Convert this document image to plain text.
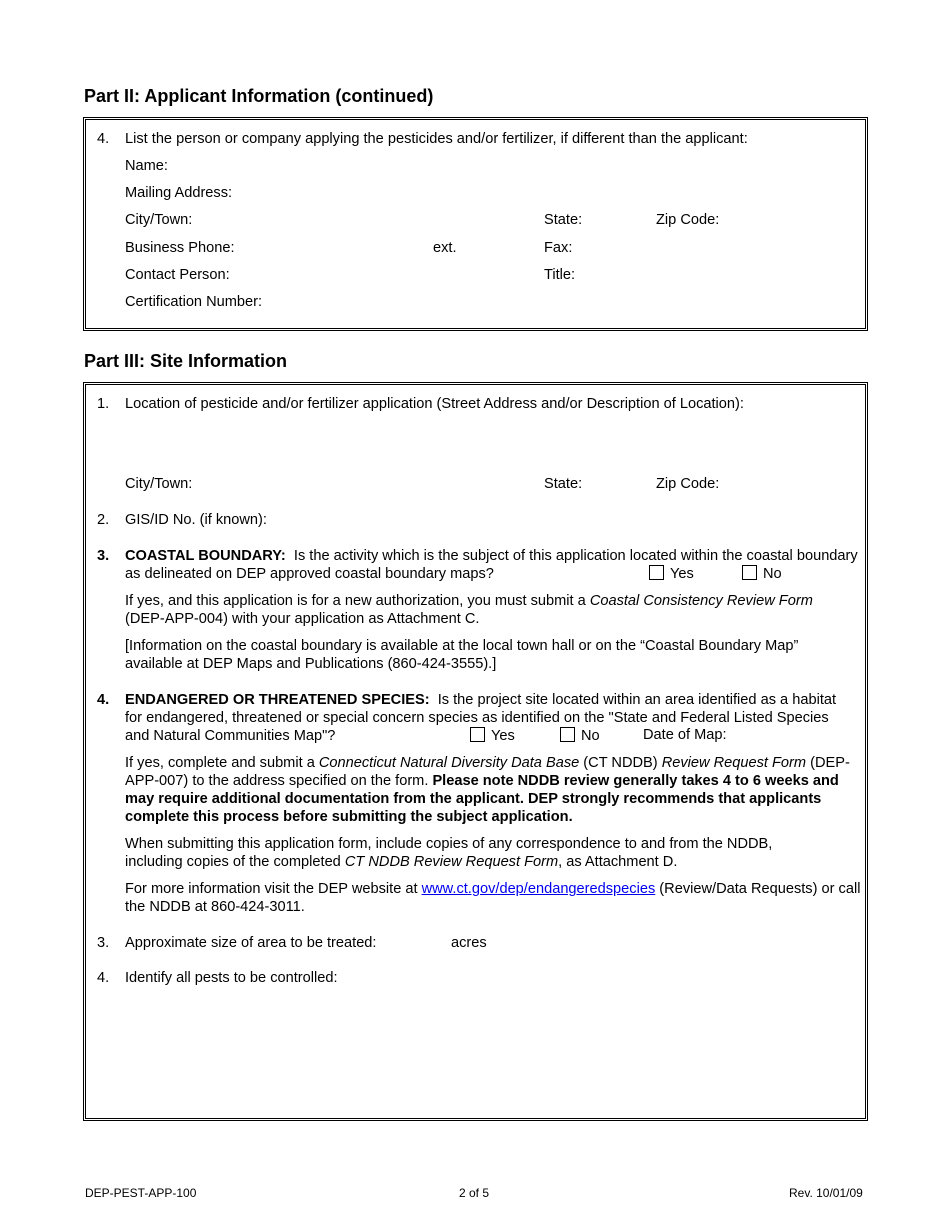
Part II: Applicant Information (continued)
4. List the person or company applying the pesticides and/or fertilizer, if different than the applicant:
Name:
Mailing Address:
City/Town:	State:	Zip Code:
Business Phone:	ext.	Fax:
Contact Person:	Title:
Certification Number:
Part III: Site Information
1. Location of pesticide and/or fertilizer application (Street Address and/or Description of Location):
City/Town:	State:	Zip Code:
2. GIS/ID No. (if known):
3. COASTAL BOUNDARY: Is the activity which is the subject of this application located within the coastal boundary as delineated on DEP approved coastal boundary maps?	Yes	No
If yes, and this application is for a new authorization, you must submit a Coastal Consistency Review Form (DEP-APP-004) with your application as Attachment C.
[Information on the coastal boundary is available at the local town hall or on the “Coastal Boundary Map” available at DEP Maps and Publications (860-424-3555).]
4. ENDANGERED OR THREATENED SPECIES: Is the project site located within an area identified as a habitat for endangered, threatened or special concern species as identified on the "State and Federal Listed Species and Natural Communities Map"?	Yes	No	Date of Map:
If yes, complete and submit a Connecticut Natural Diversity Data Base (CT NDDB) Review Request Form (DEP-APP-007) to the address specified on the form. Please note NDDB review generally takes 4 to 6 weeks and may require additional documentation from the applicant. DEP strongly recommends that applicants complete this process before submitting the subject application.
When submitting this application form, include copies of any correspondence to and from the NDDB, including copies of the completed CT NDDB Review Request Form, as Attachment D.
For more information visit the DEP website at www.ct.gov/dep/endangeredspecies (Review/Data Requests) or call the NDDB at 860-424-3011.
3. Approximate size of area to be treated:	acres
4. Identify all pests to be controlled:
DEP-PEST-APP-100	2 of 5	Rev. 10/01/09
